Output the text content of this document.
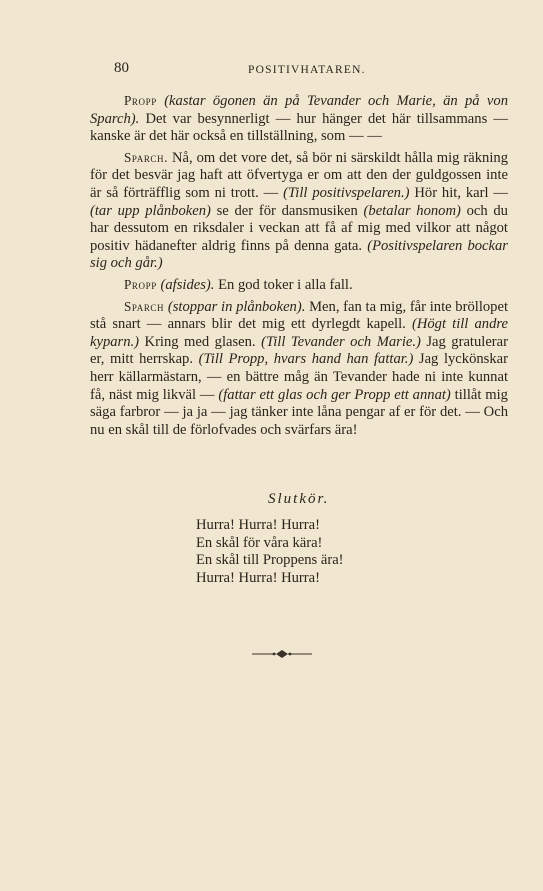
80	POSITIVHATAREN.

Propp (kastar ögonen än på Tevander och Marie, än på von Sparch). Det var besynnerligt — hur hänger det här tillsammans — kanske är det här också en tillställning, som — —

Sparch. Nå, om det vore det, så bör ni särskildt hålla mig räkning för det besvär jag haft att öfvertyga er om att den der guldgossen inte är så förträfflig som ni trott. — (Till positivspelaren.) Hör hit, karl — (tar upp plånboken) se der för dansmusiken (betalar honom) och du har dessutom en riksdaler i veckan att få af mig med vilkor att något positiv hädanefter aldrig finns på denna gata. (Positivspelaren bockar sig och går.)

Propp (afsides). En god toker i alla fall.

Sparch (stoppar in plånboken). Men, fan ta mig, får inte bröllopet stå snart — annars blir det mig ett dyrlegdt kapell. (Högt till andre kyparn.) Kring med glasen. (Till Tevander och Marie.) Jag gratulerar er, mitt herrskap. (Till Propp, hvars hand han fattar.) Jag lyckönskar herr källarmästarn, — en bättre måg än Tevander hade ni inte kunnat få, näst mig likväl — (fattar ett glas och ger Propp ett annat) tillåt mig säga farbror — ja ja — jag tänker inte låna pengar af er för det. — Och nu en skål till de förlofvades och svärfars ära!

Slutkör.
Hurra! Hurra! Hurra!
En skål för våra kära!
En skål till Proppens ära!
Hurra! Hurra! Hurra!
